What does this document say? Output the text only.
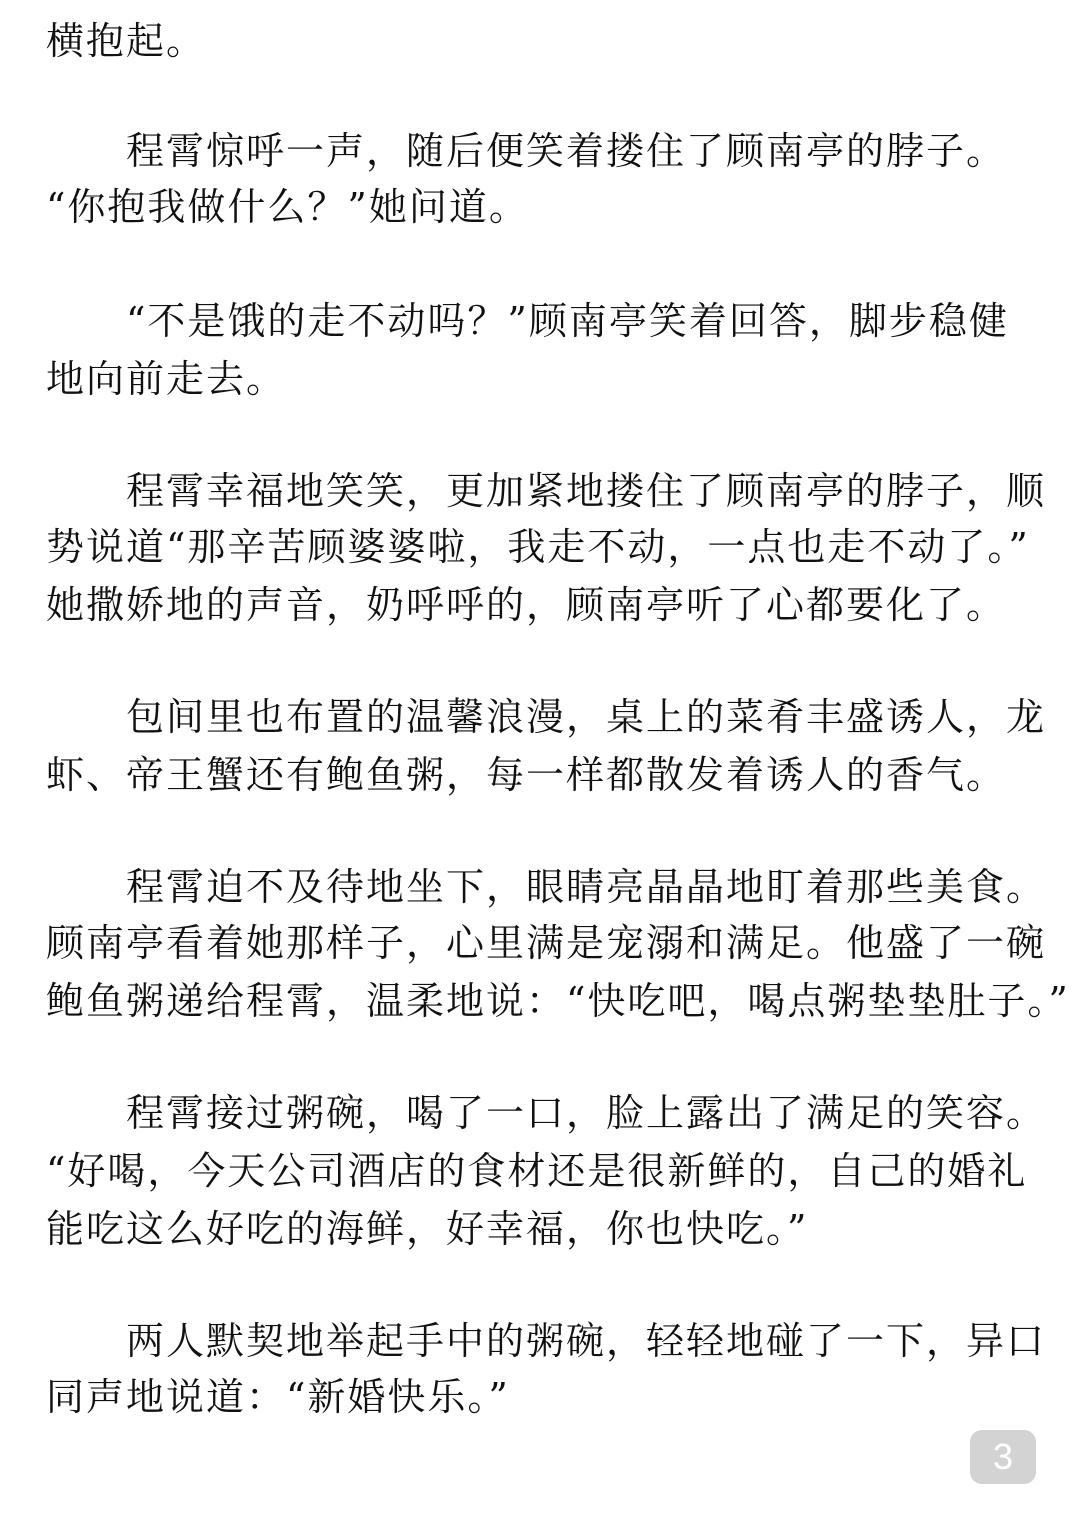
横抱起。
　　程霄惊呼一声，随后便笑着搂住了顾南亭的脖子。
“你抱我做什么？”她问道。
　　“不是饿的走不动吗？”顾南亭笑着回答，脚步稳健
地向前走去。
　　程霄幸福地笑笑，更加紧地搂住了顾南亭的脖子，顺
势说道“那辛苦顾婆婆啦，我走不动，一点也走不动了。”
她撒娇地的声音，奶呼呼的，顾南亭听了心都要化了。
　　包间里也布置的温馨浪漫，桌上的菜肴丰盛诱人，龙
虾、帝王蟹还有鲍鱼粥，每一样都散发着诱人的香气。
　　程霄迫不及待地坐下，眼睛亮晶晶地盯着那些美食。
顾南亭看着她那样子，心里满是宠溺和满足。他盛了一碗
鲍鱼粥递给程霄，温柔地说：“快吃吧，喝点粥垫垫肚子。”
　　程霄接过粥碗，喝了一口，脸上露出了满足的笑容。
“好喝，今天公司酒店的食材还是很新鲜的，自己的婚礼
能吃这么好吃的海鲜，好幸福，你也快吃。”
　　两人默契地举起手中的粥碗，轻轻地碰了一下，异口
同声地说道：“新婚快乐。”
3
